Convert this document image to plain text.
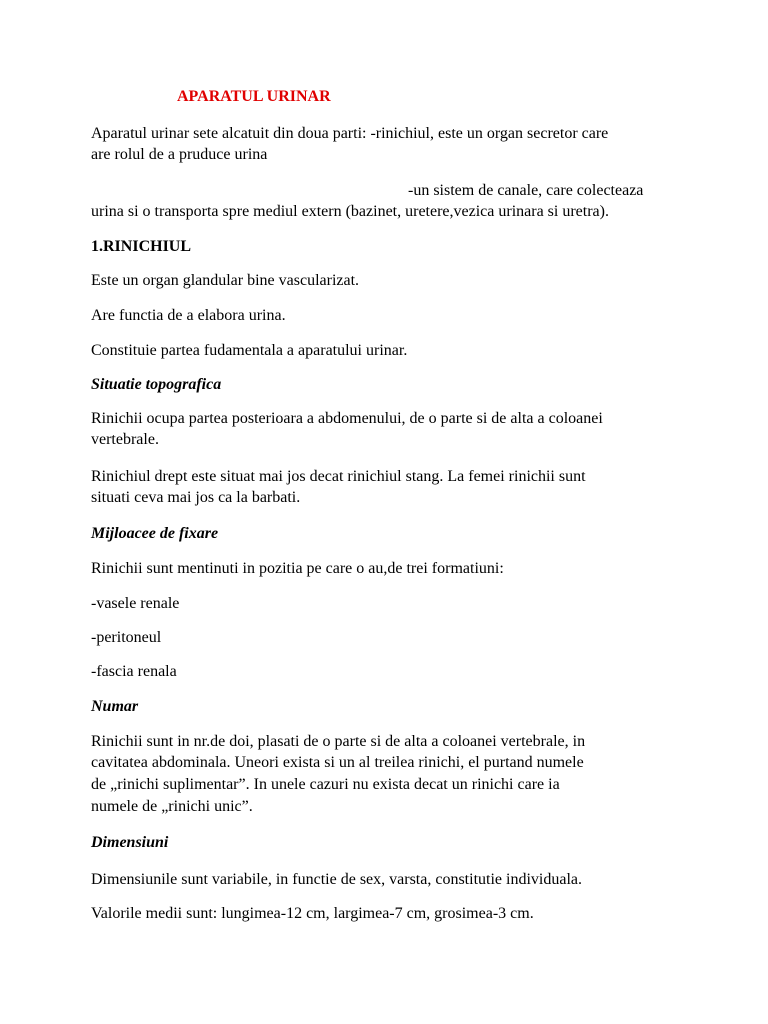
APARATUL URINAR

Aparatul urinar sete alcatuit din doua parti: -rinichiul, este un organ secretor care

are rolul de a pruduce urina

-un sistem de canale, care colecteaza

urina si o transporta spre mediul extern (bazinet, uretere,vezica urinara si uretra).

1.RINICHIUL

Este un organ glandular bine vascularizat.

Are functia de a elabora urina.

Constituie partea fudamentala a aparatului urinar.

Situatie topografica

Rinichii ocupa partea posterioara a abdomenului, de o parte si de alta a coloanei

vertebrale.

Rinichiul drept este situat mai jos decat rinichiul stang. La femei rinichii sunt

situati ceva mai jos ca la barbati.

Mijloacee de fixare

Rinichii sunt mentinuti in pozitia pe care o au,de trei formatiuni:

-vasele renale

-peritoneul

-fascia renala

Numar

Rinichii sunt in nr.de doi, plasati de o parte si de alta a coloanei vertebrale, in

cavitatea abdominala. Uneori exista si un al treilea rinichi, el purtand numele

de „rinichi suplimentar”. In unele cazuri nu exista decat un rinichi care ia

numele de „rinichi unic”.

Dimensiuni

Dimensiunile sunt variabile, in functie de sex, varsta, constitutie individuala.

Valorile medii sunt: lungimea-12 cm, largimea-7 cm, grosimea-3 cm.
